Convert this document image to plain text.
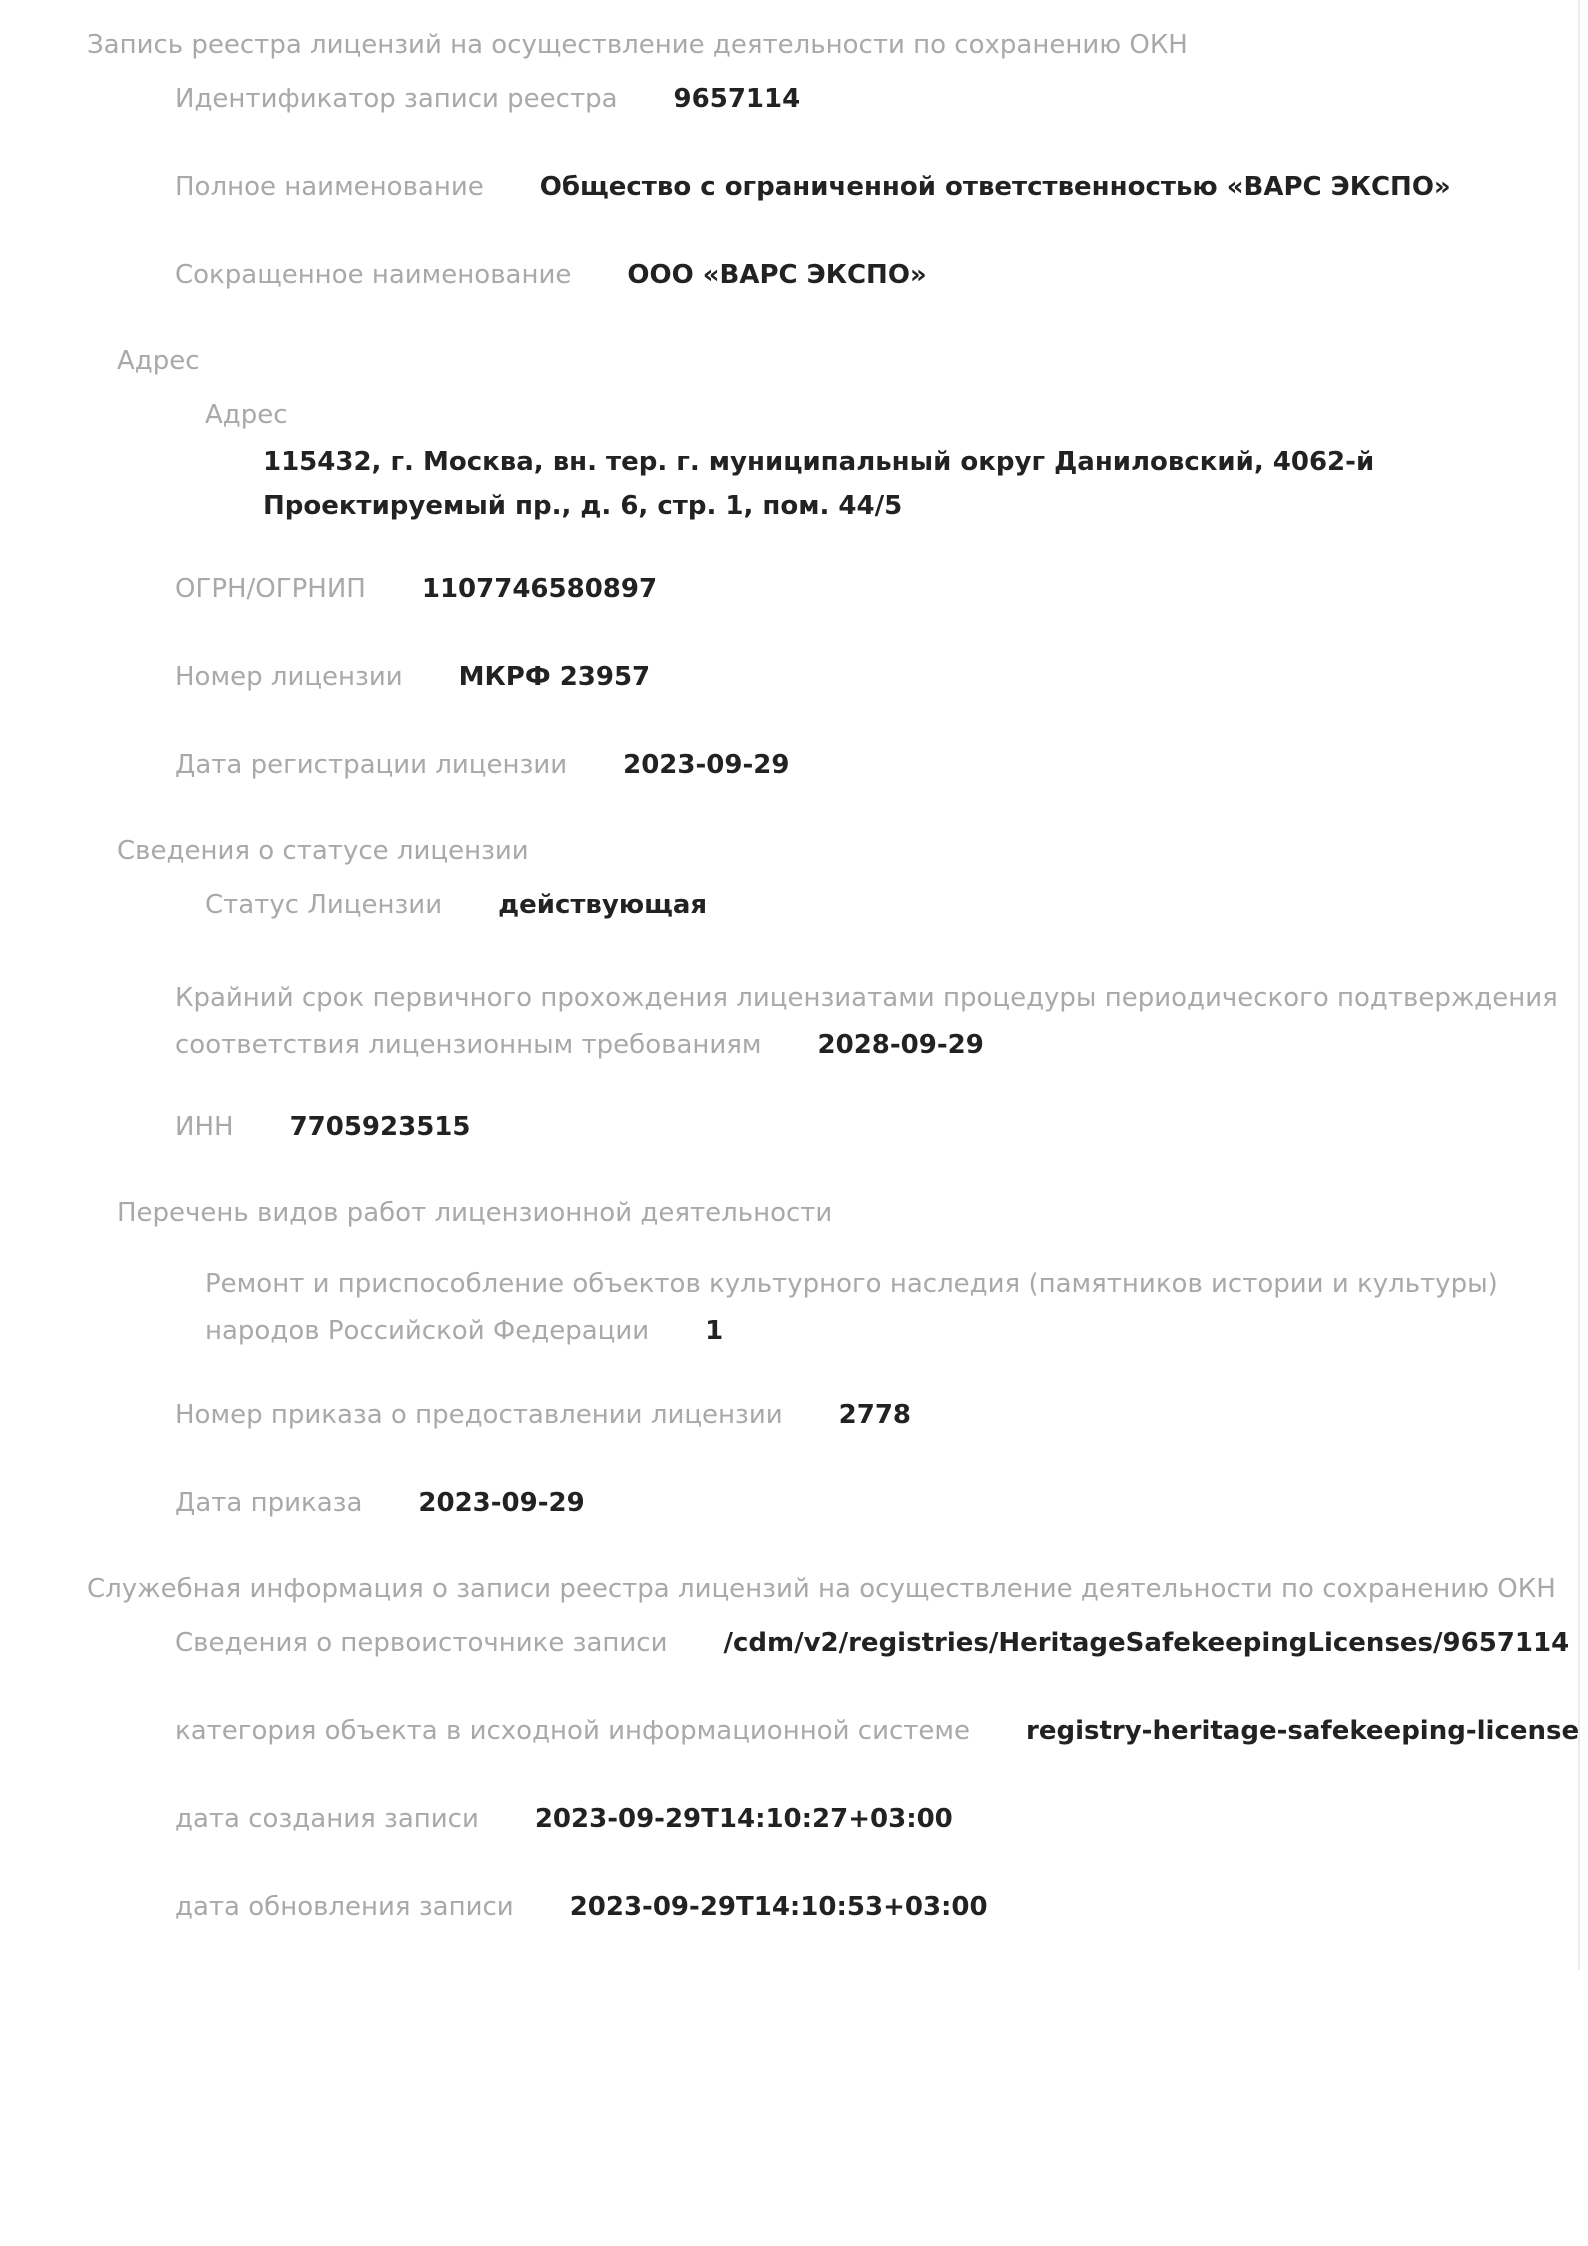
Запись реестра лицензий на осуществление деятельности по сохранению ОКН
Идентификатор записи реестра 9657114
Полное наименование Общество с ограниченной ответственностью «ВАРС ЭКСПО»
Сокращенное наименование ООО «ВАРС ЭКСПО»
Адрес
Адрес
115432, г. Москва, вн. тер. г. муниципальный округ Даниловский, 4062-й Проектируемый пр., д. 6, стр. 1, пом. 44/5
ОГРН/ОГРНИП 1107746580897
Номер лицензии МКРФ 23957
Дата регистрации лицензии 2023-09-29
Сведения о статусе лицензии
Статус Лицензии действующая
Крайний срок первичного прохождения лицензиатами процедуры периодического подтверждения соответствия лицензионным требованиям 2028-09-29
ИНН 7705923515
Перечень видов работ лицензионной деятельности
Ремонт и приспособление объектов культурного наследия (памятников истории и культуры) народов Российской Федерации 1
Номер приказа о предоставлении лицензии 2778
Дата приказа 2023-09-29
Служебная информация о записи реестра лицензий на осуществление деятельности по сохранению ОКН
Сведения о первоисточнике записи /cdm/v2/registries/HeritageSafekeepingLicenses/9657114
категория объекта в исходной информационной системе registry-heritage-safekeeping-license
дата создания записи 2023-09-29T14:10:27+03:00
дата обновления записи 2023-09-29T14:10:53+03:00
